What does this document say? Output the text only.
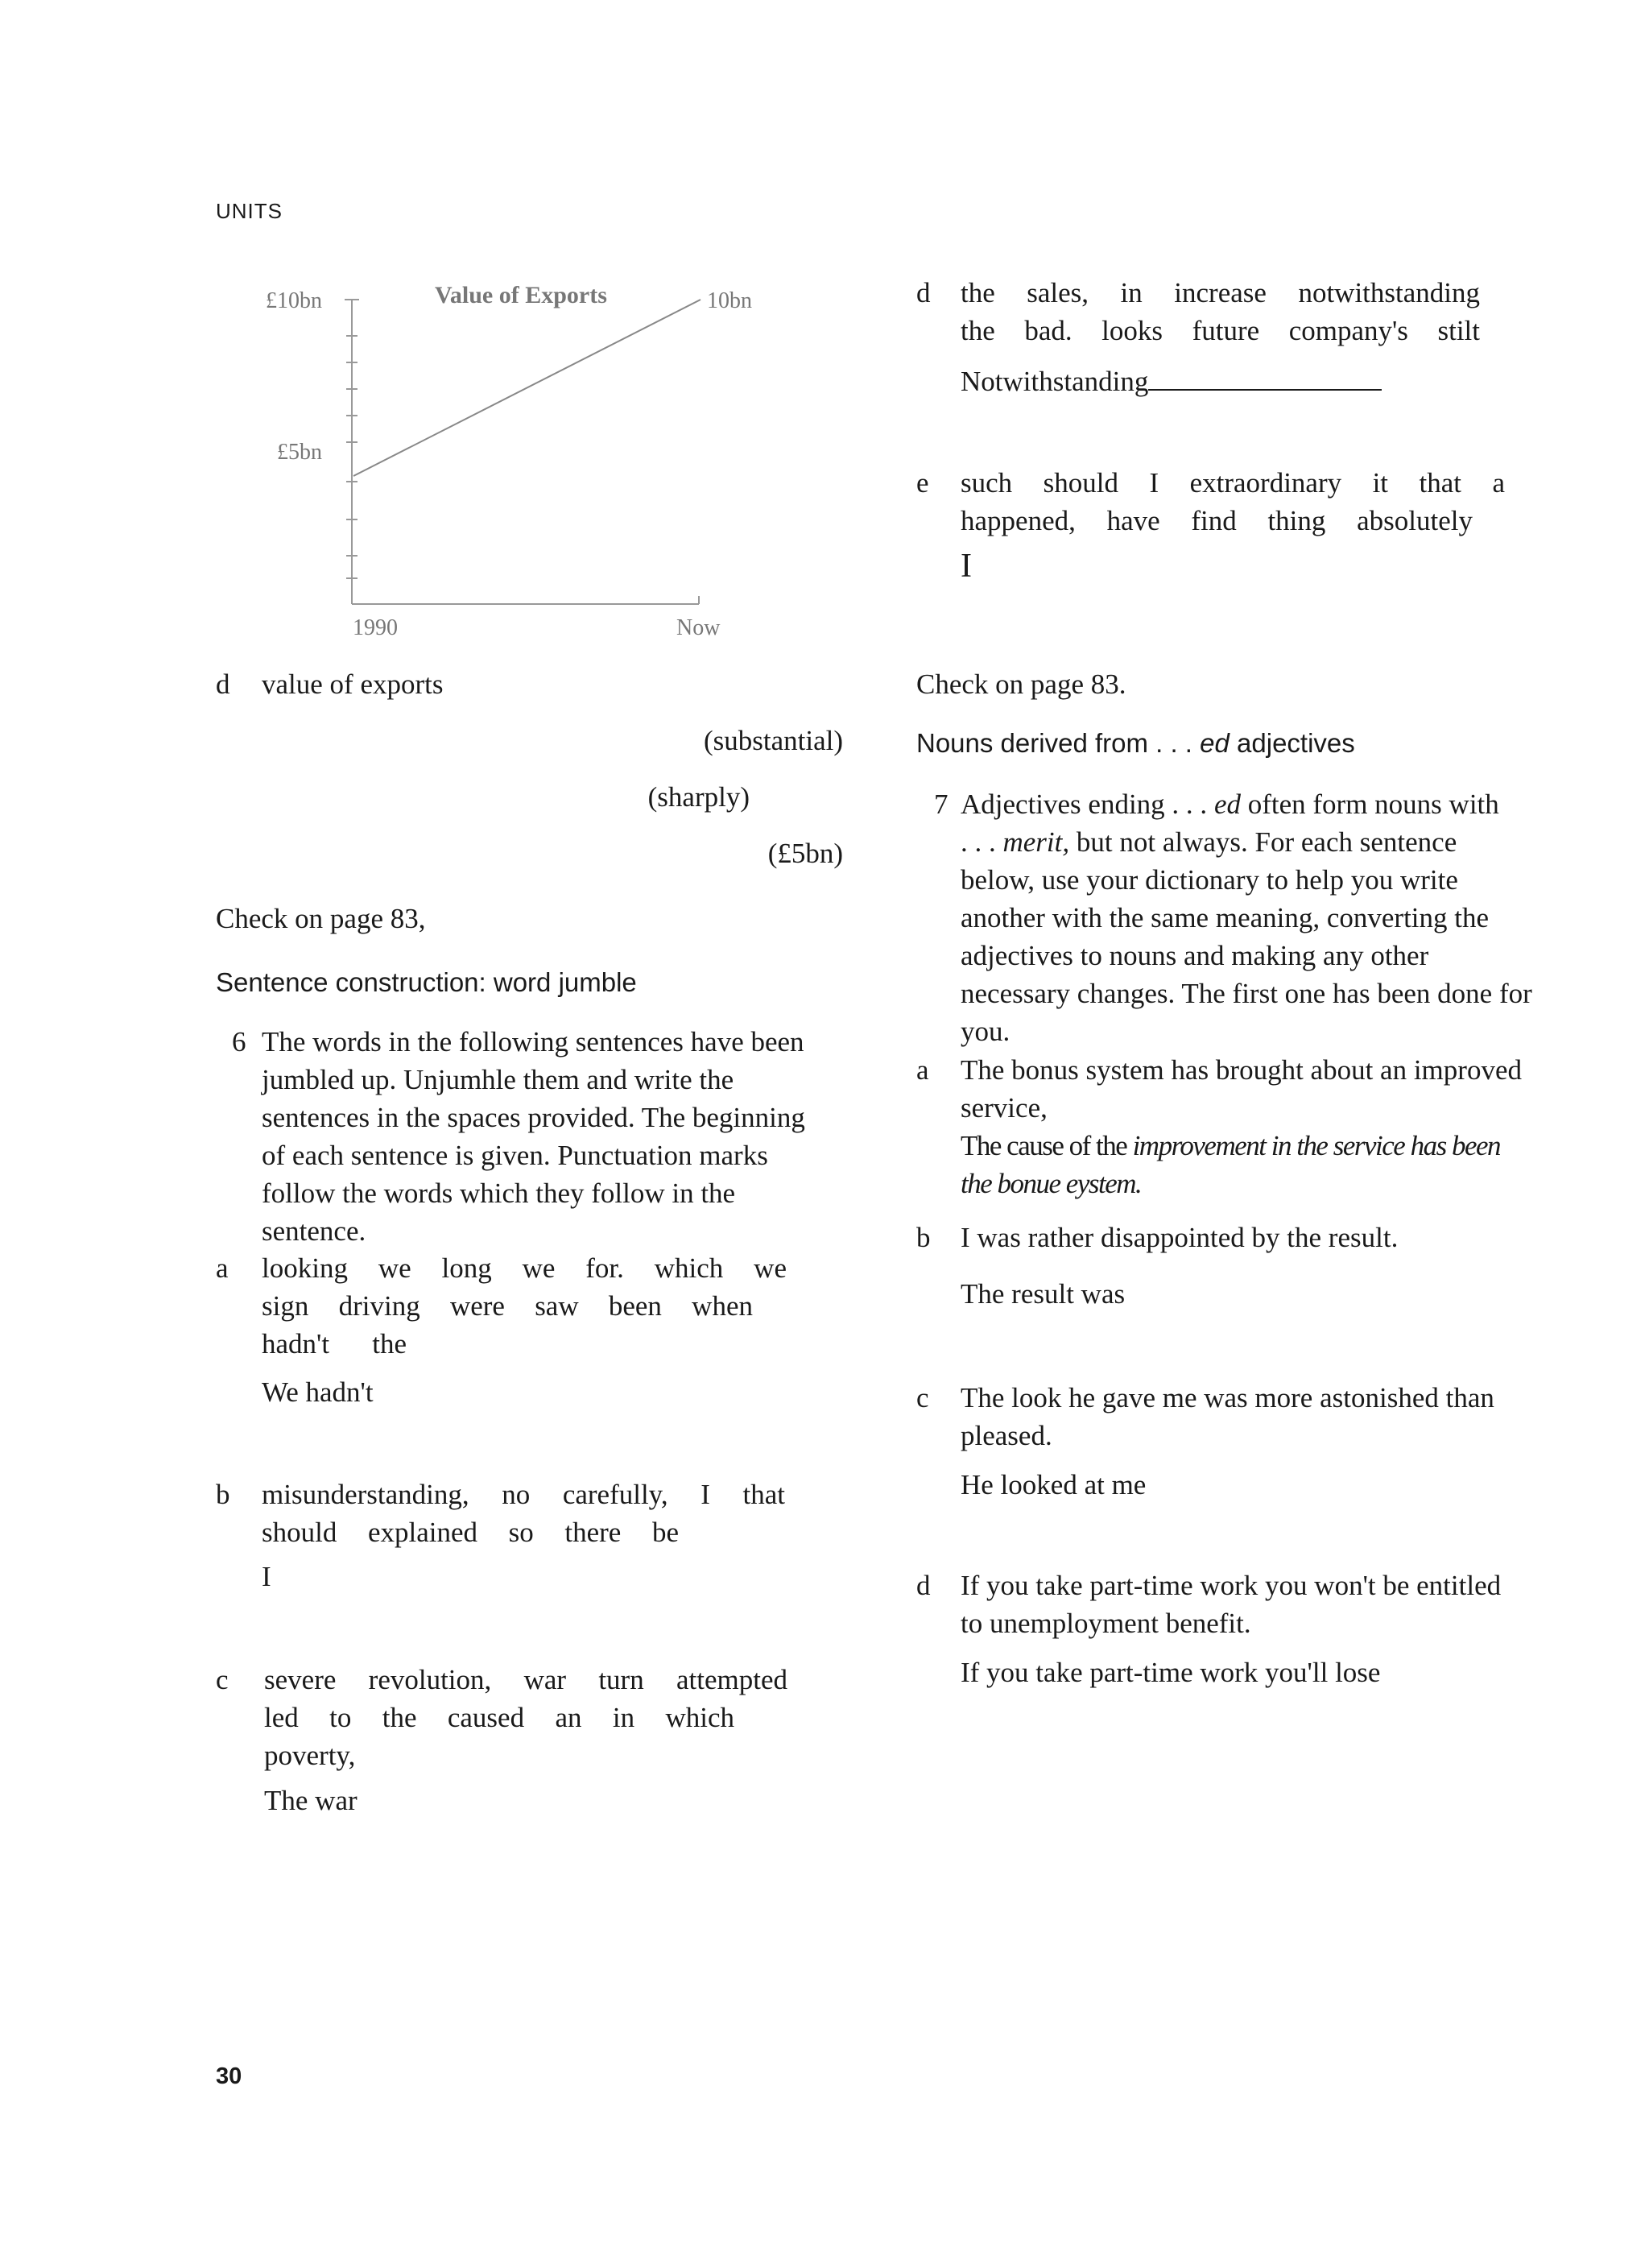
UNITS
Value of Exports
£10bn
£5bn
1990	Now
10bn
d value of exports
(substantial)
(sharply)
(£5bn)
Check on page 83,
Sentence construction: word jumble
6 The words in the following sentences have been
jumbled up. Unjumhle them and write the
sentences in the spaces provided. The beginning
of each sentence is given. Punctuation marks
follow the words which they follow in the
sentence.
a looking we long we for. which we
sign driving were saw been when
hadn't the
We hadn't
b misunderstanding, no carefully, I that
should explained so there be
I
c severe revolution, war turn attempted
led to the caused an in which
poverty,
The war
d the sales, in increase notwithstanding
the bad. looks future company's stilt
Notwithstanding
e such should I extraordinary it that a
happened, have find thing absolutely
I
Check on page 83.
Nouns derived from . . . ed adjectives
7 Adjectives ending . . . ed often form nouns with
. . . merit, but not always. For each sentence
below, use your dictionary to help you write
another with the same meaning, converting the
adjectives to nouns and making any other
necessary changes. The first one has been done for
you.
a The bonus system has brought about an improved
service,
The cause of the improvement in the service has been
the bonue eystem.
b I was rather disappointed by the result.
The result was
c The look he gave me was more astonished than
pleased.
He looked at me
d If you take part-time work you won't be entitled
to unemployment benefit.
If you take part-time work you'll lose
30
